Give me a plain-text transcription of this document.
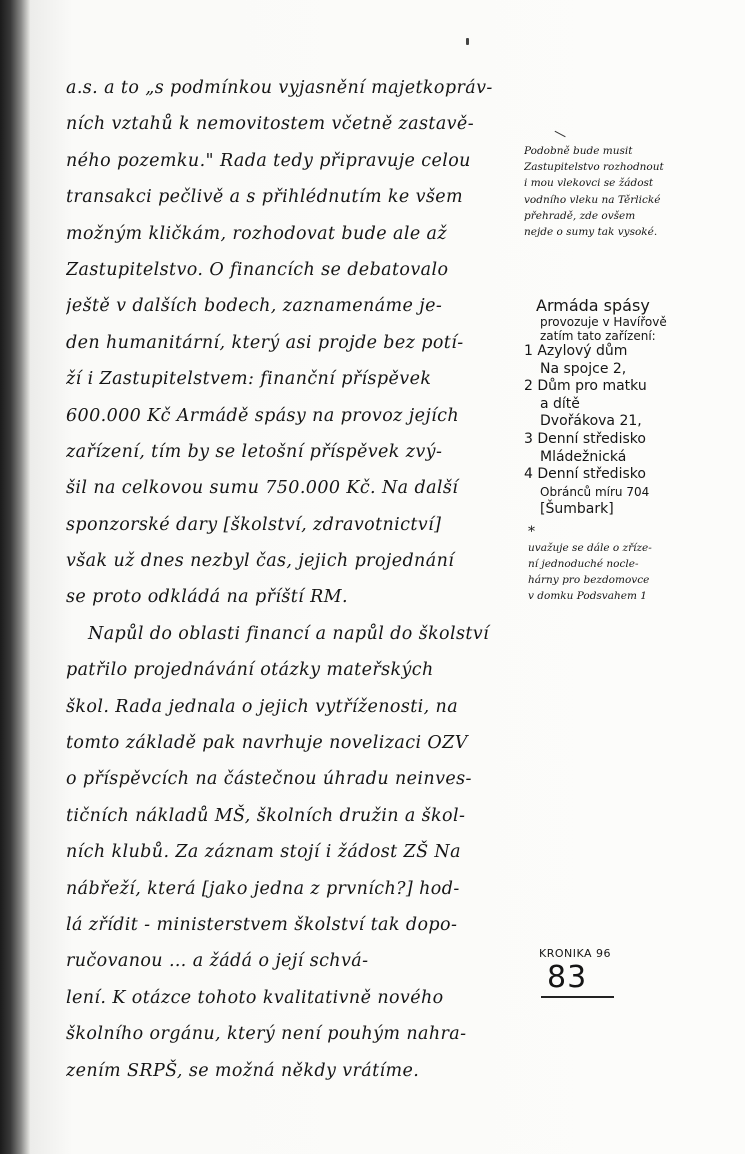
a.s. a to „s podmínkou vyjasnění majetkopráv-
ních vztahů k nemovitostem včetně zastavě-
ného pozemku." Rada tedy připravuje celou
transakci pečlivě a s přihlédnutím ke všem
možným kličkám, rozhodovat bude ale až
Zastupitelstvo. O financích se debatovalo
ještě v dalších bodech, zaznamenáme je-
den humanitární, který asi projde bez potí-
ží i Zastupitelstvem: finanční příspěvek
600.000 Kč Armádě spásy na provoz jejích
zařízení, tím by se letošní příspěvek zvý-
šil na celkovou sumu 750.000 Kč. Na další
sponzorské dary [školství, zdravotnictví]
však už dnes nezbyl čas, jejich projednání
se proto odkládá na příští RM.
Napůl do oblasti financí a napůl do školství
patřilo projednávání otázky mateřských
škol. Rada jednala o jejich vytříženosti, na
tomto základě pak navrhuje novelizaci OZV
o příspěvcích na částečnou úhradu neinves-
tičních nákladů MŠ, školních družin a škol-
ních klubů. Za záznam stojí i žádost ZŠ Na
nábřeží, která [jako jedna z prvních?] hod-
lá zřídit - ministerstvem školství tak dopo-
ručovanou … a žádá o její schvá-
lení. K otázce tohoto kvalitativně nového
školního orgánu, který není pouhým nahra-
zením SRPŠ, se možná někdy vrátíme.
Podobně bude musit
Zastupitelstvo rozhodnout
i mou vlekovci se žádost
vodního vleku na Těrlické
přehradě, zde ovšem
nejde o sumy tak vysoké.
Armáda spásy
provozuje v Havířově
zatím tato zařízení:
1 Azylový dům
Na spojce 2,
2 Dům pro matku
a dítě
Dvořákova 21,
3 Denní středisko
Mládežnická
4 Denní středisko
Obránců míru 704
[Šumbark]
*
uvažuje se dále o zříze-
ní jednoduché nocle-
hárny pro bezdomovce
v domku Podsvahem 1
KRONIKA 96
83
